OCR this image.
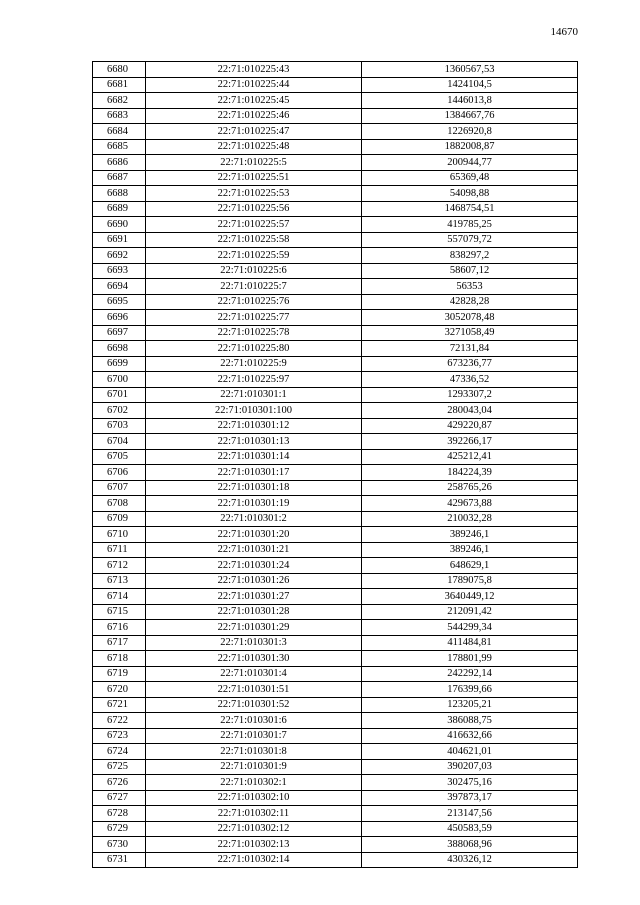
14670
6680	22:71:010225:43	1360567,53
6681	22:71:010225:44	1424104,5
6682	22:71:010225:45	1446013,8
6683	22:71:010225:46	1384667,76
6684	22:71:010225:47	1226920,8
6685	22:71:010225:48	1882008,87
6686	22:71:010225:5	200944,77
6687	22:71:010225:51	65369,48
6688	22:71:010225:53	54098,88
6689	22:71:010225:56	1468754,51
6690	22:71:010225:57	419785,25
6691	22:71:010225:58	557079,72
6692	22:71:010225:59	838297,2
6693	22:71:010225:6	58607,12
6694	22:71:010225:7	56353
6695	22:71:010225:76	42828,28
6696	22:71:010225:77	3052078,48
6697	22:71:010225:78	3271058,49
6698	22:71:010225:80	72131,84
6699	22:71:010225:9	673236,77
6700	22:71:010225:97	47336,52
6701	22:71:010301:1	1293307,2
6702	22:71:010301:100	280043,04
6703	22:71:010301:12	429220,87
6704	22:71:010301:13	392266,17
6705	22:71:010301:14	425212,41
6706	22:71:010301:17	184224,39
6707	22:71:010301:18	258765,26
6708	22:71:010301:19	429673,88
6709	22:71:010301:2	210032,28
6710	22:71:010301:20	389246,1
6711	22:71:010301:21	389246,1
6712	22:71:010301:24	648629,1
6713	22:71:010301:26	1789075,8
6714	22:71:010301:27	3640449,12
6715	22:71:010301:28	212091,42
6716	22:71:010301:29	544299,34
6717	22:71:010301:3	411484,81
6718	22:71:010301:30	178801,99
6719	22:71:010301:4	242292,14
6720	22:71:010301:51	176399,66
6721	22:71:010301:52	123205,21
6722	22:71:010301:6	386088,75
6723	22:71:010301:7	416632,66
6724	22:71:010301:8	404621,01
6725	22:71:010301:9	390207,03
6726	22:71:010302:1	302475,16
6727	22:71:010302:10	397873,17
6728	22:71:010302:11	213147,56
6729	22:71:010302:12	450583,59
6730	22:71:010302:13	388068,96
6731	22:71:010302:14	430326,12
